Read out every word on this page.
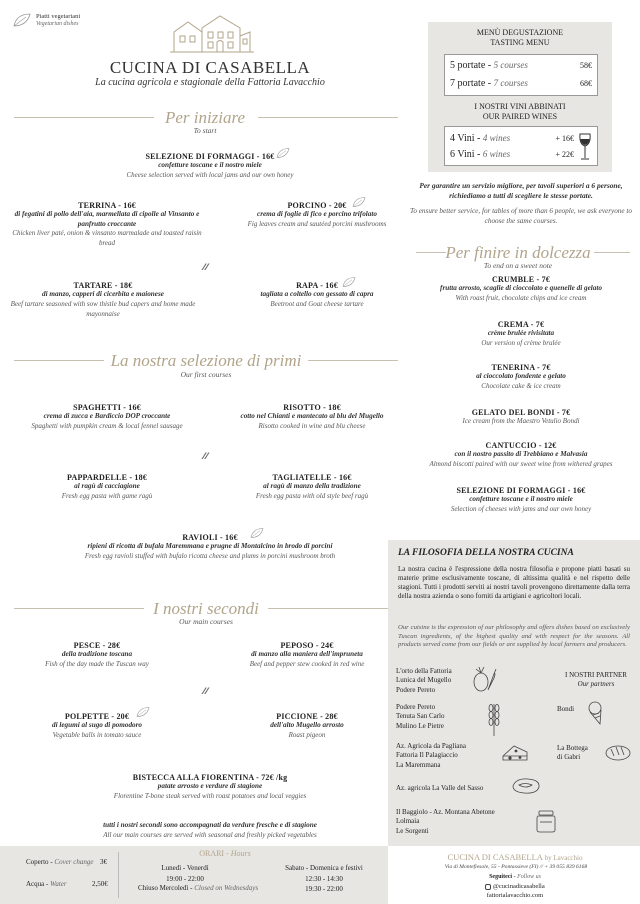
Piatti vegetariani
Vegetarian dishes
CUCINA DI CASABELLA
La cucina agricola e stagionale della Fattoria Lavacchio
Per iniziare
To start
SELEZIONE DI FORMAGGI - 16€
confetture toscane e il nostro miele
Cheese selection served with local jams and our own honey
TERRINA - 16€
di fegatini di pollo dell'aia, marmellata di cipolle al Vinsanto e panfrutto croccante
Chicken liver paté, onion & vinsanto marmalade and toasted raisin bread
PORCINO - 20€
crema di foglie di fico e porcino trifolato
Fig leaves cream and sautéed porcini mushrooms
⁄⁄ ⁄⁄
TARTARE - 18€
di manzo, capperi di cicerbita e maionese
Beef tartare seasoned with sow thistle bud capers and home made mayonnaise
RAPA - 16€
tagliata a coltello con gessato di capra
Beetroot and Goat cheese tartare
La nostra selezione di primi
Our first courses
SPAGHETTI - 16€
crema di zucca e Bardiccio DOP croccante
Spaghetti with pumpkin cream & local fennel sausage
RISOTTO - 18€
cotto nel Chianti e mantecato al blu del Mugello
Risotto cooked in wine and blu cheese
⁄⁄ ⁄⁄
PAPPARDELLE - 18€
al ragù di cacciagione
Fresh egg pasta with game ragù
TAGLIATELLE - 16€
al ragù di manzo della tradizione
Fresh egg pasta with old style beef ragù
RAVIOLI - 16€
ripieni di ricotta di bufala Maremmana e prugne di Montalcino in brodo di porcini
Fresh egg ravioli stuffed with bufalo ricotta cheese and plums in porcini mushroom broth
I nostri secondi
Our main courses
PESCE - 28€
della tradizione toscana
Fish of the day made the Tuscan way
PEPOSO - 24€
di manzo alla maniera dell'impruneta
Beef and pepper stew cooked in red wine
⁄⁄ ⁄⁄
POLPETTE - 20€
di legumi al sugo di pomodoro
Vegetable balls in tomato sauce
PICCIONE - 28€
dell'alto Mugello arrosto
Roast pigeon
BISTECCA ALLA FIORENTINA - 72€ /kg
patate arrosto e verdure di stagione
Florentine T-bone steak served with roast potatoes and local veggies
tutti i nostri secondi sono accompagnati da verdure fresche e di stagione
All our main courses are served with seasonal and freshly picked vegetables
Coperto - Cover change 3€
Acqua - Water	2,50€
ORARI - Hours
Lunedì - Venerdì
19:00 - 22:00
Chiuso Mercoledì - Closed on Wednesdays
Sabato - Domenica e festivi
12:30 - 14:30
19:30 - 22:00
MENÙ DEGUSTAZIONE
TASTING MENU
5 portate - 5 courses	58€
7 portate - 7 courses	68€
I NOSTRI VINI ABBINATI
OUR PAIRED WINES
4 Vini - 4 wines	+ 16€
6 Vini - 6 wines	+ 22€
Per garantire un servizio migliore, per tavoli superiori a 6 persone, richiediamo a tutti di scegliere le stesse portate.
To ensure better service, for tables of more than 6 people, we ask everyone to choose the same courses.
Per finire in dolcezza
To end on a sweet note
CRUMBLE - 7€
frutta arrosto, scaglie di cioccolato e quenelle di gelato
With roast fruit, chocolate chips and ice cream
CREMA - 7€
crème brulée rivisitata
Our version of crème brulée
TENERINA - 7€
al cioccolato fondente e gelato
Chocolate cake & ice cream
GELATO DEL BONDI - 7€
Ice cream from the Maestro Vetulio Bondi
CANTUCCIO - 12€
con il nostro passito di Trebbiano e Malvasia
Almond biscotti paired with our sweet wine from withered grapes
SELEZIONE DI FORMAGGI - 16€
confetture toscane e il nostro miele
Selection of cheeses with jams and our own honey
LA FILOSOFIA DELLA NOSTRA CUCINA
La nostra cucina è l'espressione della nostra filosofia e propone piatti basati su materie prime esclusivamente toscane, di altissima qualità e nel rispetto delle stagioni. Tutti i prodotti serviti ai nostri tavoli provengono direttamente dalla terra della nostra azienda o sono forniti da artigiani e agricoltori locali.
Our cuisine is the expression of our philosophy and offers dishes based on exclusively Tuscan ingredients, of the highest quality and with respect for the seasons. All products served come from our fields or are supplied by local farmers and producers.
I NOSTRI PARTNER
Our partners
L'orto della Fattoria
Lunica del Mugello
Podere Pereto
Podere Pereto
Tenuta San Carlo
Mulino Le Pietre
Bondi
Az. Agricola da Pagliana
Fattoria Il Palagiaccio
La Maremmana
La Bottega
di Gabri
Az. agricola La Valle del Sasso
Il Baggiolo - Az. Montana Abetone
Lolmaia
Le Sorgenti
CUCINA DI CASABELLA by Lavacchio
Via di Montefiesole, 55 - Pontassieve (FI) // + 39 055 839 6168
Seguiteci - Follow us
@cucinadicasabella
fattorialavacchio.com
